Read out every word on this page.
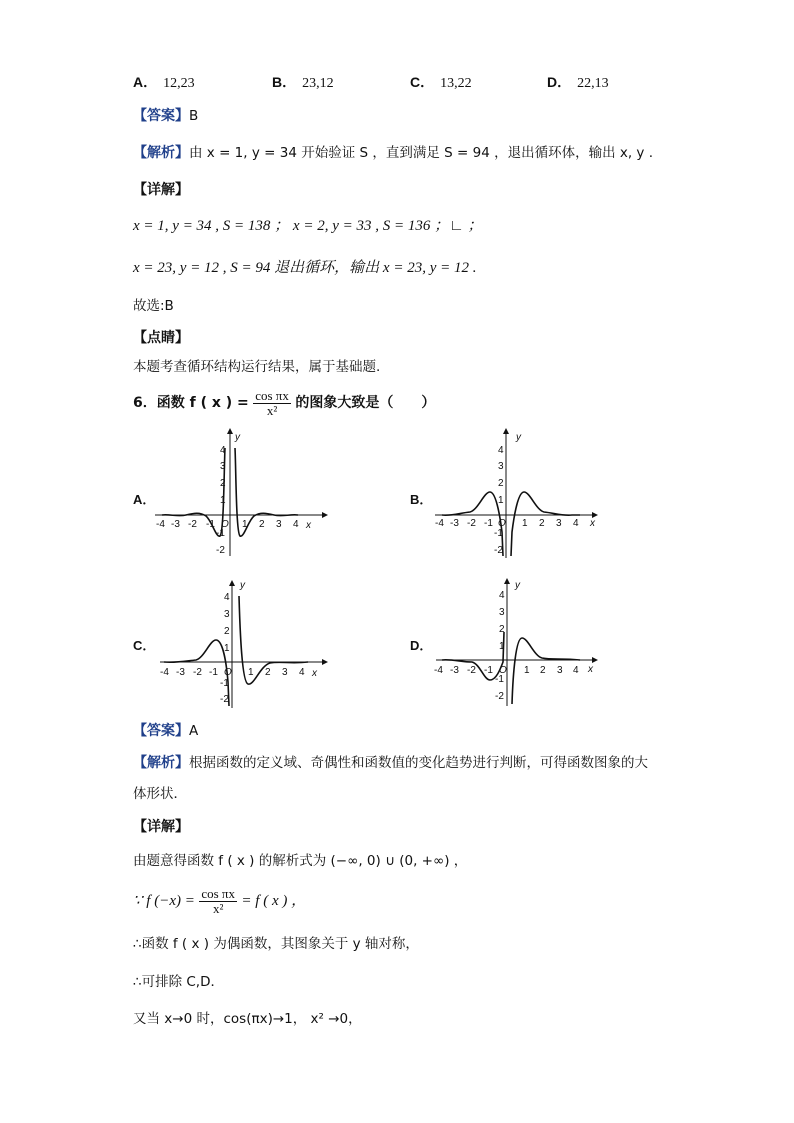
A． 12,23	B． 23,12	C． 13,22	D． 22,13
【答案】B
【解析】由 x = 1, y = 34 开始验证 S ，直到满足 S = 94 ，退出循环体，输出 x, y .
【详解】
x = 1, y = 34 , S = 138 ； x = 2, y = 33 , S = 136 ；∟ ；
x = 23, y = 12 , S = 94 退出循环，输出 x = 23, y = 12 .
故选:B
【点睛】
本题考查循环结构运行结果，属于基础题.
6．函数 f ( x ) = $\frac{\text{cos πx}}{\text{x²}}$ 的图象大致是（　　）
A．	B．
C．	D．
y
x
-4 -3 -2 -1 O 1 2 3 4
4
3
2
1
-1
-2
y
x
-4 -3 -2 -1 O 1 2 3 4
4
3
2
1
-1
-2
y
x
-4 -3 -2 -1 O 1 2 3 4
4
3
2
1
-1
-2
y
x
-4 -3 -2 -1 O 1 2 3 4
4
3
2
1
-1
-2
【答案】A
【解析】根据函数的定义域、奇偶性和函数值的变化趋势进行判断，可得函数图象的大
体形状．
【详解】
由题意得函数 f ( x ) 的解析式为 (−∞, 0) ∪ (0, +∞) ，
∵ f $(-x) = \frac{\text{cos πx}}{\text{x²}} = f$ ( x ) ，
∴函数 f ( x ) 为偶函数，其图象关于 y 轴对称，
∴可排除 C,D．
又当 x→0 时，cos(πx)→1， x² →0，
